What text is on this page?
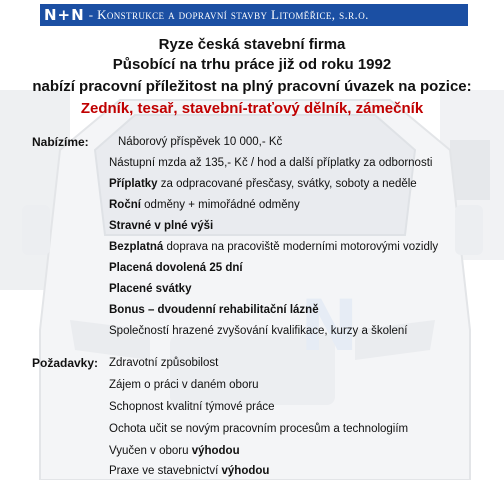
N
N+N - Konstrukce a dopravní stavby Litoměřice, s.r.o.
Ryze česká stavební firma
Působící na trhu práce již od roku 1992
nabízí pracovní příležitost na plný pracovní úvazek na pozice:
Zedník, tesař, stavební-traťový dělník, zámečník
Nabízíme:	Náborový příspěvek 10 000,- Kč
Nástupní mzda až 135,- Kč / hod a další příplatky za odbornosti
Příplatky za odpracované přesčasy, svátky, soboty a neděle
Roční odměny + mimořádné odměny
Stravné v plné výši
Bezplatná doprava na pracoviště moderními motorovými vozidly
Placená dovolená 25 dní
Placené svátky
Bonus – dvoudenní rehabilitační lázně
Společností hrazené zvyšování kvalifikace, kurzy a školení
Požadavky: Zdravotní způsobilost
Zájem o práci v daném oboru
Schopnost kvalitní týmové práce
Ochota učit se novým pracovním procesům a technologiím
Vyučen v oboru výhodou
Praxe ve stavebnictví výhodou
